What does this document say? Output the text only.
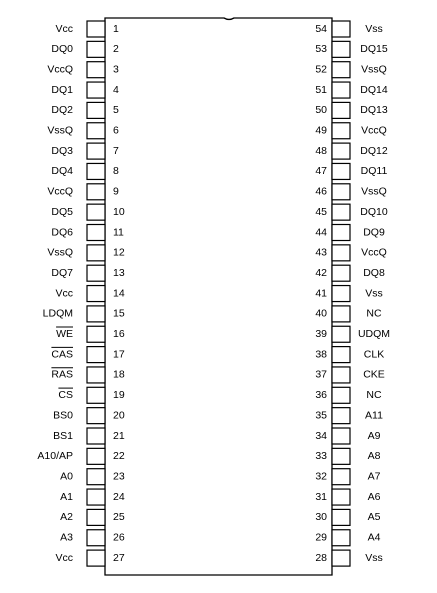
Vcc	1
DQ0	2
VccQ	3
DQ1	4
DQ2	5
VssQ	6
DQ3	7
DQ4	8
VccQ	9
DQ5	10
DQ6	11
VssQ	12
DQ7	13
Vcc	14
LDQM	15
WE	16
CAS	17
RAS	18
CS	19
BS0	20
BS1	21
A10/AP	22
A0	23
A1	24
A2	25
A3	26
Vcc	27
54	Vss
53	DQ15
52	VssQ
51	DQ14
50	DQ13
49	VccQ
48	DQ12
47	DQ11
46	VssQ
45	DQ10
44	DQ9
43	VccQ
42	DQ8
41	Vss
40	NC
39	UDQM
38	CLK
37	CKE
36	NC
35	A11
34	A9
33	A8
32	A7
31	A6
30	A5
29	A4
28	Vss
